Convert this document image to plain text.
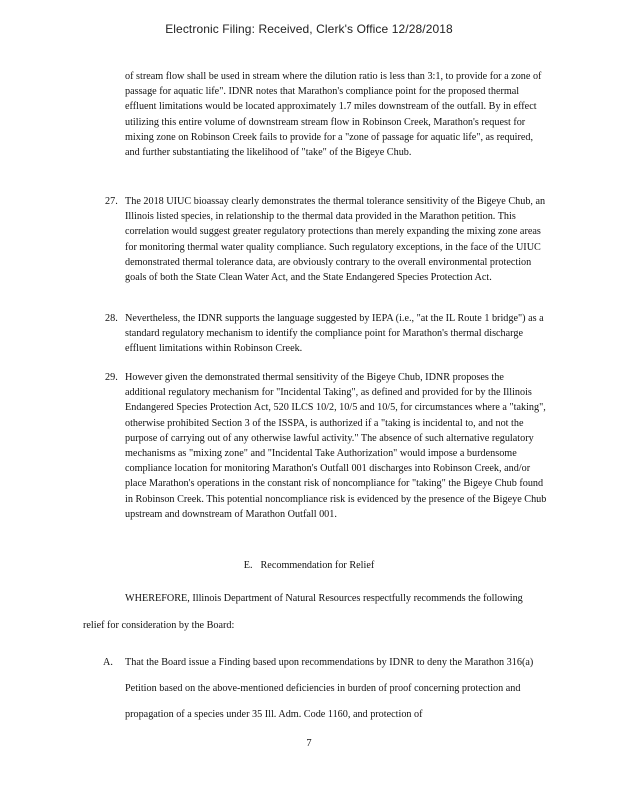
Electronic Filing: Received, Clerk's Office 12/28/2018

of stream flow shall be used in stream where the dilution ratio is less than 3:1, to provide for a zone of passage for aquatic life". IDNR notes that Marathon's compliance point for the proposed thermal effluent limitations would be located approximately 1.7 miles downstream of the outfall. By in effect utilizing this entire volume of downstream stream flow in Robinson Creek, Marathon's request for mixing zone on Robinson Creek fails to provide for a "zone of passage for aquatic life", as required, and further substantiating the likelihood of "take" of the Bigeye Chub.

27. The 2018 UIUC bioassay clearly demonstrates the thermal tolerance sensitivity of the Bigeye Chub, an Illinois listed species, in relationship to the thermal data provided in the Marathon petition. This correlation would suggest greater regulatory protections than merely expanding the mixing zone areas for monitoring thermal water quality compliance. Such regulatory exceptions, in the face of the UIUC demonstrated thermal tolerance data, are obviously contrary to the overall environmental protection goals of both the State Clean Water Act, and the State Endangered Species Protection Act.

28. Nevertheless, the IDNR supports the language suggested by IEPA (i.e., "at the IL Route 1 bridge") as a standard regulatory mechanism to identify the compliance point for Marathon's thermal discharge effluent limitations within Robinson Creek.

29. However given the demonstrated thermal sensitivity of the Bigeye Chub, IDNR proposes the additional regulatory mechanism for "Incidental Taking", as defined and provided for by the Illinois Endangered Species Protection Act, 520 ILCS 10/2, 10/5 and 10/5, for circumstances where a "taking", otherwise prohibited Section 3 of the ISSPA, is authorized if a "taking is incidental to, and not the purpose of carrying out of any otherwise lawful activity." The absence of such alternative regulatory mechanisms as "mixing zone" and "Incidental Take Authorization" would impose a burdensome compliance location for monitoring Marathon's Outfall 001 discharges into Robinson Creek, and/or place Marathon's operations in the constant risk of noncompliance for "taking" the Bigeye Chub found in Robinson Creek. This potential noncompliance risk is evidenced by the presence of the Bigeye Chub upstream and downstream of Marathon Outfall 001.

E. Recommendation for Relief

WHEREFORE, Illinois Department of Natural Resources respectfully recommends the following relief for consideration by the Board:

A.	That the Board issue a Finding based upon recommendations by IDNR to deny the Marathon 316(a) Petition based on the above-mentioned deficiencies in burden of proof concerning protection and propagation of a species under 35 Ill. Adm. Code 1160, and protection of

7
